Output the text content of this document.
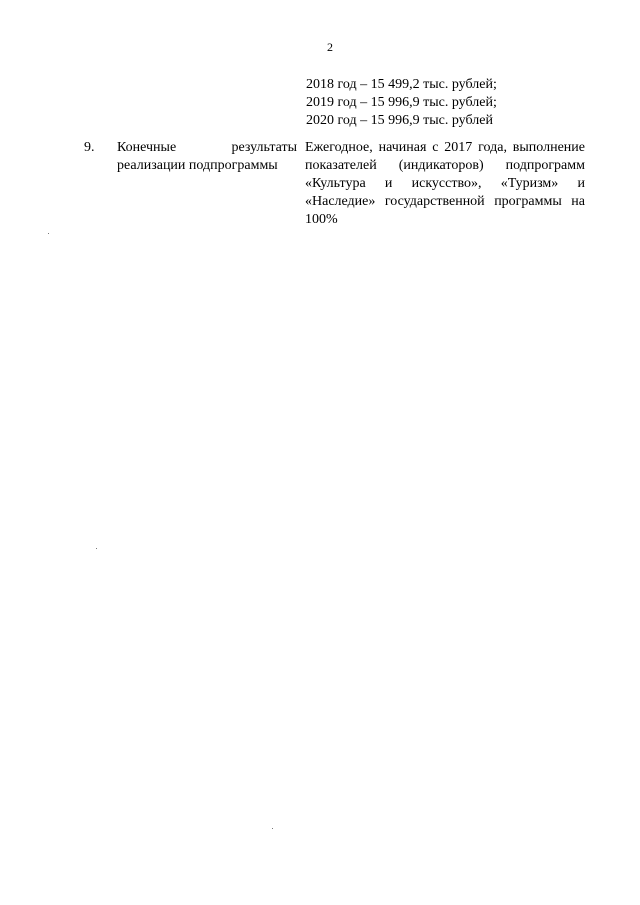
2
2018 год – 15 499,2 тыс. рублей;
2019 год – 15 996,9 тыс. рублей;
2020 год – 15 996,9 тыс. рублей
9. Конечные результаты
реализации подпрограммы
Ежегодное, начиная с 2017 года, выполнение показателей (индикаторов) подпрограмм «Культура и искусство», «Туризм» и «Наследие» государственной программы на 100%
